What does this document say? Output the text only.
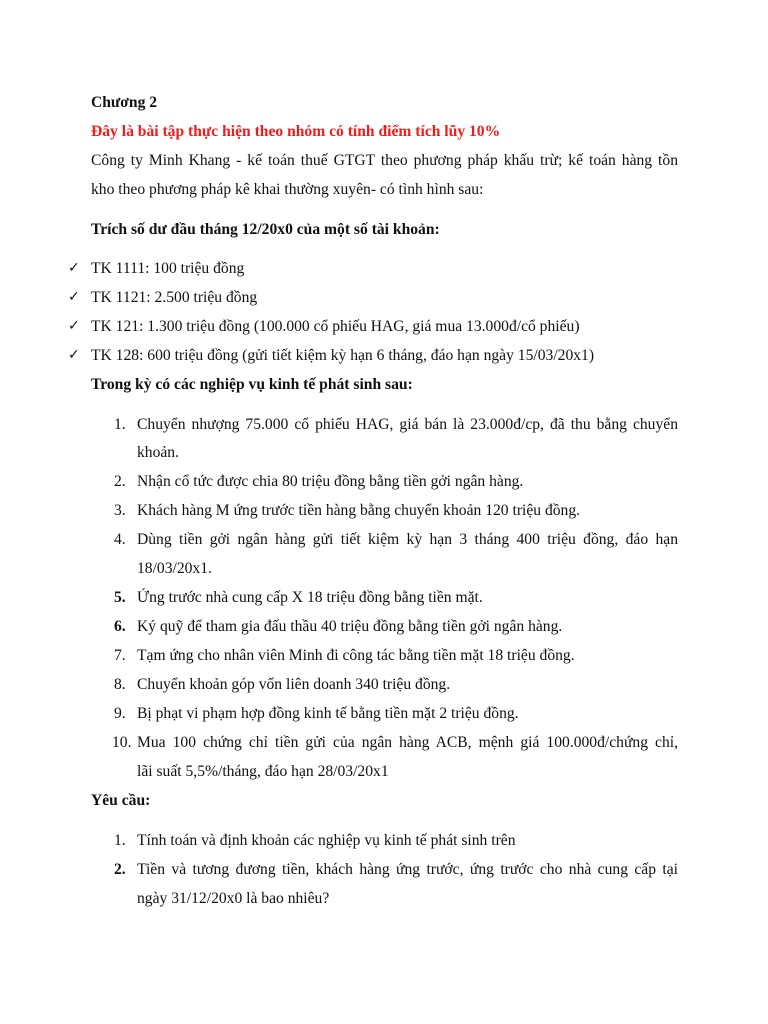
Chương 2
Đây là bài tập thực hiện theo nhóm có tính điểm tích lũy 10%
Công ty Minh Khang - kế toán thuế GTGT theo phương pháp khấu trừ; kế toán hàng tồn
kho theo phương pháp kê khai thường xuyên- có tình hình sau:
Trích số dư đầu tháng 12/20x0 của một số tài khoản:
✓ TK 1111: 100 triệu đồng
✓ TK 1121: 2.500 triệu đồng
✓ TK 121: 1.300 triệu đồng (100.000 cổ phiếu HAG, giá mua 13.000đ/cổ phiếu)
✓ TK 128: 600 triệu đồng (gửi tiết kiệm kỳ hạn 6 tháng, đáo hạn ngày 15/03/20x1)
Trong kỳ có các nghiệp vụ kinh tế phát sinh sau:
1. Chuyển nhượng 75.000 cổ phiếu HAG, giá bán là 23.000đ/cp, đã thu bằng chuyển
khoản.
2. Nhận cổ tức được chia 80 triệu đồng bằng tiền gởi ngân hàng.
3. Khách hàng M ứng trước tiền hàng bằng chuyển khoản 120 triệu đồng.
4. Dùng tiền gởi ngân hàng gửi tiết kiệm kỳ hạn 3 tháng 400 triệu đồng, đáo hạn
18/03/20x1.
5. Ứng trước nhà cung cấp X 18 triệu đồng bằng tiền mặt.
6. Ký quỹ để tham gia đấu thầu 40 triệu đồng bằng tiền gởi ngân hàng.
7. Tạm ứng cho nhân viên Minh đi công tác bằng tiền mặt 18 triệu đồng.
8. Chuyển khoản góp vốn liên doanh 340 triệu đồng.
9. Bị phạt vi phạm hợp đồng kinh tế bằng tiền mặt 2 triệu đồng.
10. Mua 100 chứng chỉ tiền gửi của ngân hàng ACB, mệnh giá 100.000đ/chứng chỉ,
lãi suất 5,5%/tháng, đáo hạn 28/03/20x1
Yêu cầu:
1. Tính toán và định khoản các nghiệp vụ kinh tế phát sinh trên
2. Tiền và tương đương tiền, khách hàng ứng trước, ứng trước cho nhà cung cấp tại
ngày 31/12/20x0 là bao nhiêu?
